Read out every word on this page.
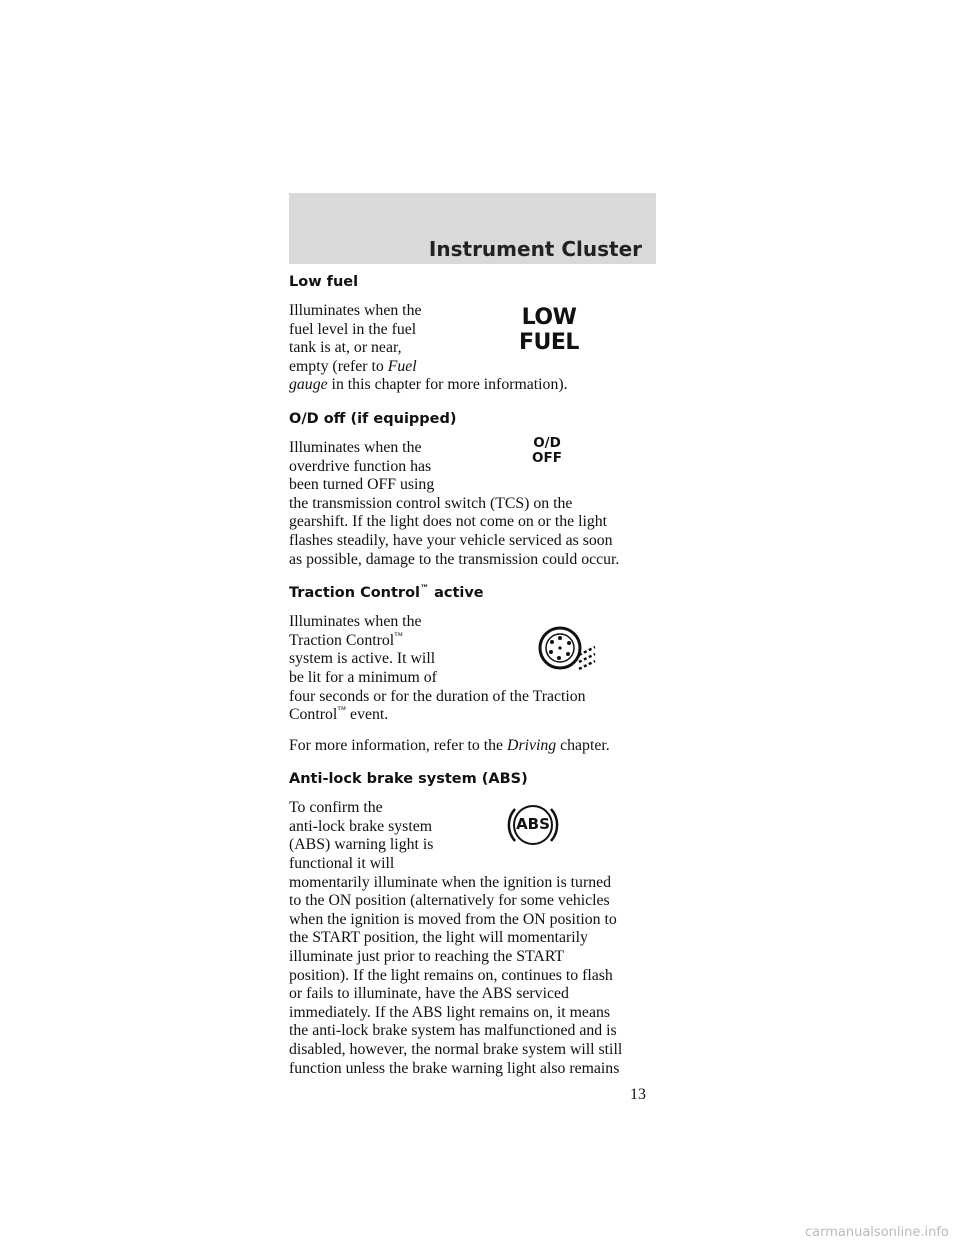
Instrument Cluster

Low fuel

LOW
FUEL

Illuminates when the

fuel level in the fuel

tank is at, or near,

empty (refer to Fuel

gauge in this chapter for more information).

O/D off (if equipped)

O/D
OFF

Illuminates when the

overdrive function has

been turned OFF using

the transmission control switch (TCS) on the

gearshift. If the light does not come on or the light

flashes steadily, have your vehicle serviced as soon

as possible, damage to the transmission could occur.

Traction Control™ active

Illuminates when the

Traction Control™

system is active. It will

be lit for a minimum of

four seconds or for the duration of the Traction

Control™ event.

For more information, refer to the Driving chapter.

Anti-lock brake system (ABS)

ABS

To confirm the

anti-lock brake system

(ABS) warning light is

functional it will

momentarily illuminate when the ignition is turned

to the ON position (alternatively for some vehicles

when the ignition is moved from the ON position to

the START position, the light will momentarily

illuminate just prior to reaching the START

position). If the light remains on, continues to flash

or fails to illuminate, have the ABS serviced

immediately. If the ABS light remains on, it means

the anti-lock brake system has malfunctioned and is

disabled, however, the normal brake system will still

function unless the brake warning light also remains

13
carmanualsonline.info
